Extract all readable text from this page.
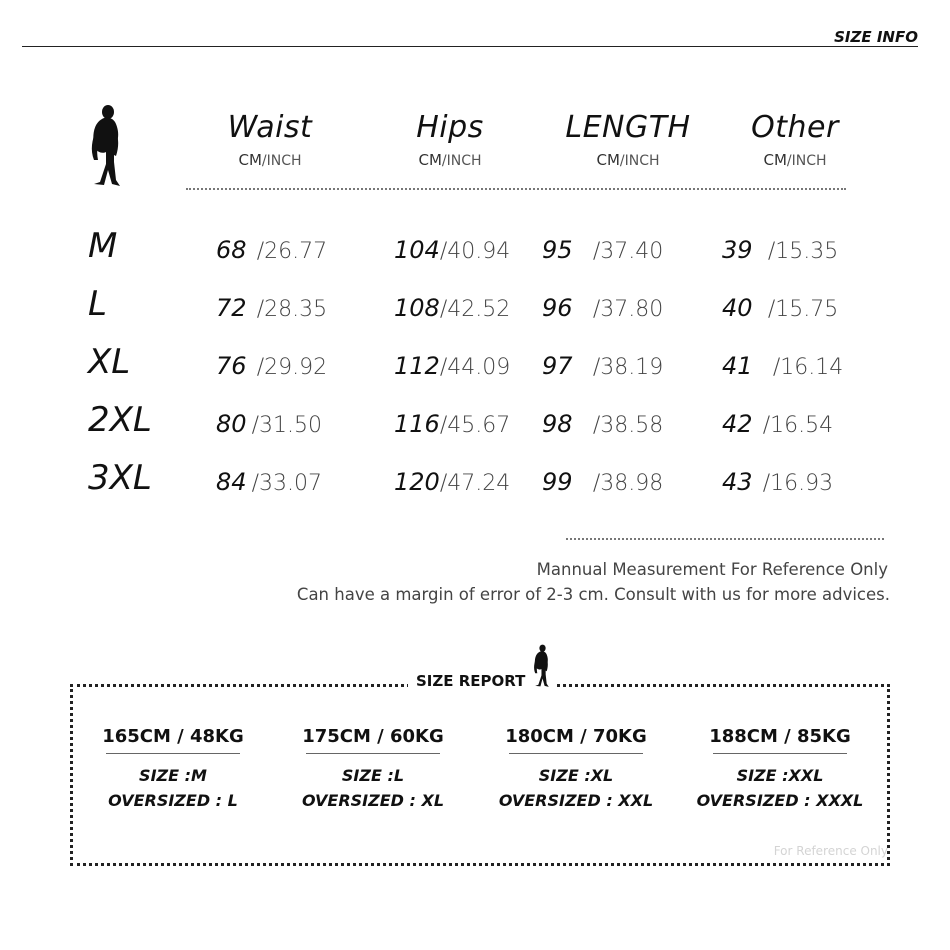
SIZE INFO
Waist
CM/INCH
Hips
CM/INCH
LENGTH
CM/INCH
Other
CM/INCH
M	68 /26.77	104/40.94 95 /37.40 39 /15.35
L	72 /28.35	108/42.52 96 /37.80 40 /15.75
XL	76 /29.92	112/44.09 97 /38.19 41 /16.14
2XL	80 /31.50	116/45.67 98 /38.58 42 /16.54
3XL	84 /33.07	120/47.24 99 /38.98 43 /16.93
Mannual Measurement For Reference Only
Can have a margin of error of 2-3 cm. Consult with us for more advices.
SIZE REPORT
165CM / 48KG
SIZE :M
OVERSIZED : L
175CM / 60KG
SIZE :L
OVERSIZED : XL
180CM / 70KG
SIZE :XL
OVERSIZED : XXL
188CM / 85KG
SIZE :XXL
OVERSIZED : XXXL
For Reference Only
